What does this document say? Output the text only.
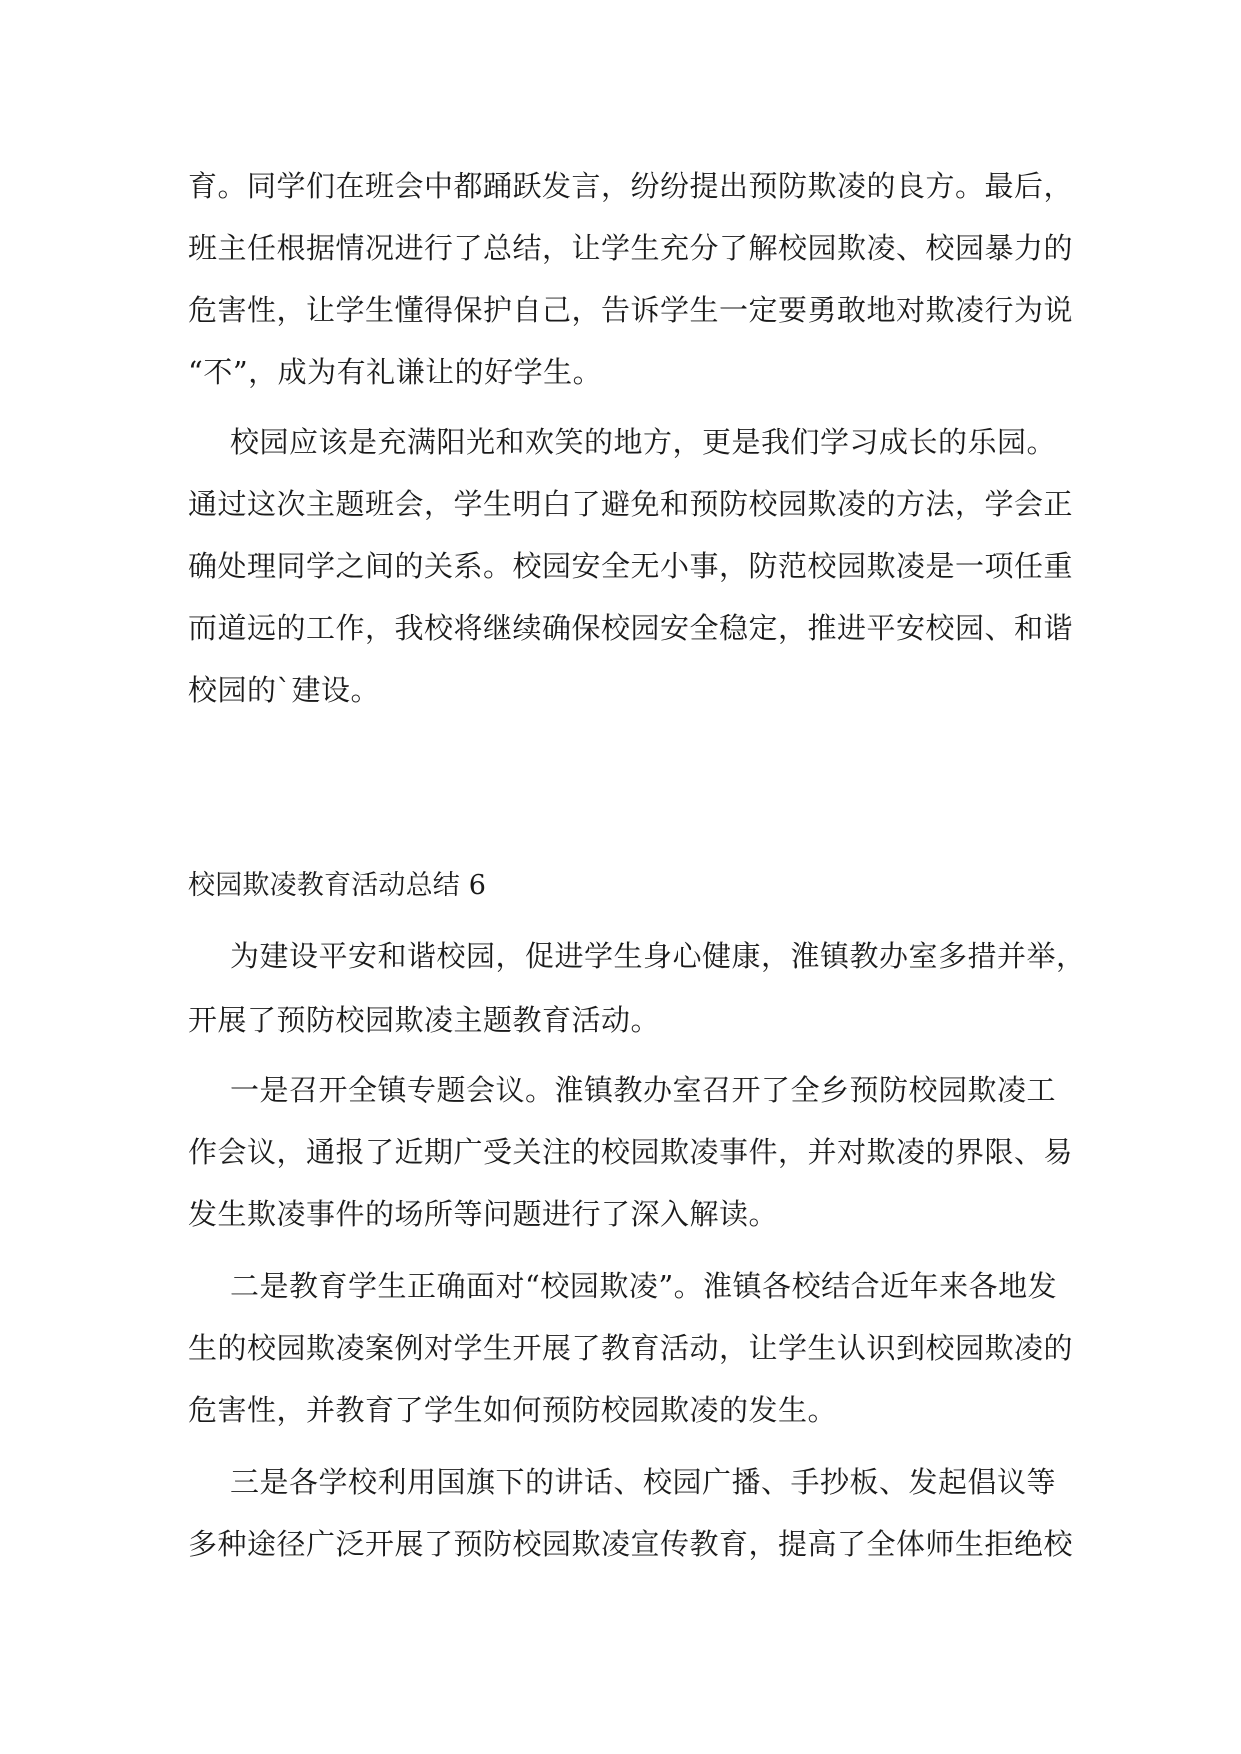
育。同学们在班会中都踊跃发言，纷纷提出预防欺凌的良方。最后，
班主任根据情况进行了总结，让学生充分了解校园欺凌、校园暴力的
危害性，让学生懂得保护自己，告诉学生一定要勇敢地对欺凌行为说
“不”，成为有礼谦让的好学生。
校园应该是充满阳光和欢笑的地方，更是我们学习成长的乐园。
通过这次主题班会，学生明白了避免和预防校园欺凌的方法，学会正
确处理同学之间的关系。校园安全无小事，防范校园欺凌是一项任重
而道远的工作，我校将继续确保校园安全稳定，推进平安校园、和谐
校园的`建设。
校园欺凌教育活动总结 6
为建设平安和谐校园，促进学生身心健康，淮镇教办室多措并举，
开展了预防校园欺凌主题教育活动。
一是召开全镇专题会议。淮镇教办室召开了全乡预防校园欺凌工
作会议，通报了近期广受关注的校园欺凌事件，并对欺凌的界限、易
发生欺凌事件的场所等问题进行了深入解读。
二是教育学生正确面对“校园欺凌”。淮镇各校结合近年来各地发
生的校园欺凌案例对学生开展了教育活动，让学生认识到校园欺凌的
危害性，并教育了学生如何预防校园欺凌的发生。
三是各学校利用国旗下的讲话、校园广播、手抄板、发起倡议等
多种途径广泛开展了预防校园欺凌宣传教育，提高了全体师生拒绝校
